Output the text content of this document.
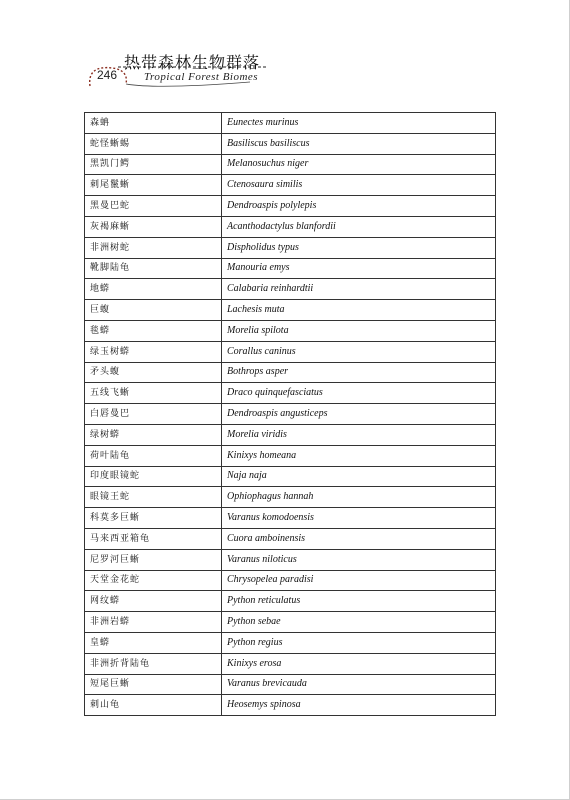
热带森林生物群落
246 Tropical Forest Biomes
森蚺	Eunectes murinus
蛇怪蜥蜴	Basiliscus basiliscus
黑凯门鳄	Melanosuchus niger
刺尾鬣蜥	Ctenosaura similis
黑曼巴蛇	Dendroaspis polylepis
灰褐麻蜥	Acanthodactylus blanfordii
非洲树蛇	Dispholidus typus
靴脚陆龟	Manouria emys
地蟒	Calabaria reinhardtii
巨蝮	Lachesis muta
毯蟒	Morelia spilota
绿玉树蟒	Corallus caninus
矛头蝮	Bothrops asper
五线飞蜥	Draco quinquefasciatus
白唇曼巴	Dendroaspis angusticeps
绿树蟒	Morelia viridis
荷叶陆龟	Kinixys homeana
印度眼镜蛇	Naja naja
眼镜王蛇	Ophiophagus hannah
科莫多巨蜥	Varanus komodoensis
马来西亚箱龟	Cuora amboinensis
尼罗河巨蜥	Varanus niloticus
天堂金花蛇	Chrysopelea paradisi
网纹蟒	Python reticulatus
非洲岩蟒	Python sebae
皇蟒	Python regius
非洲折背陆龟	Kinixys erosa
短尾巨蜥	Varanus brevicauda
刺山龟	Heosemys spinosa
